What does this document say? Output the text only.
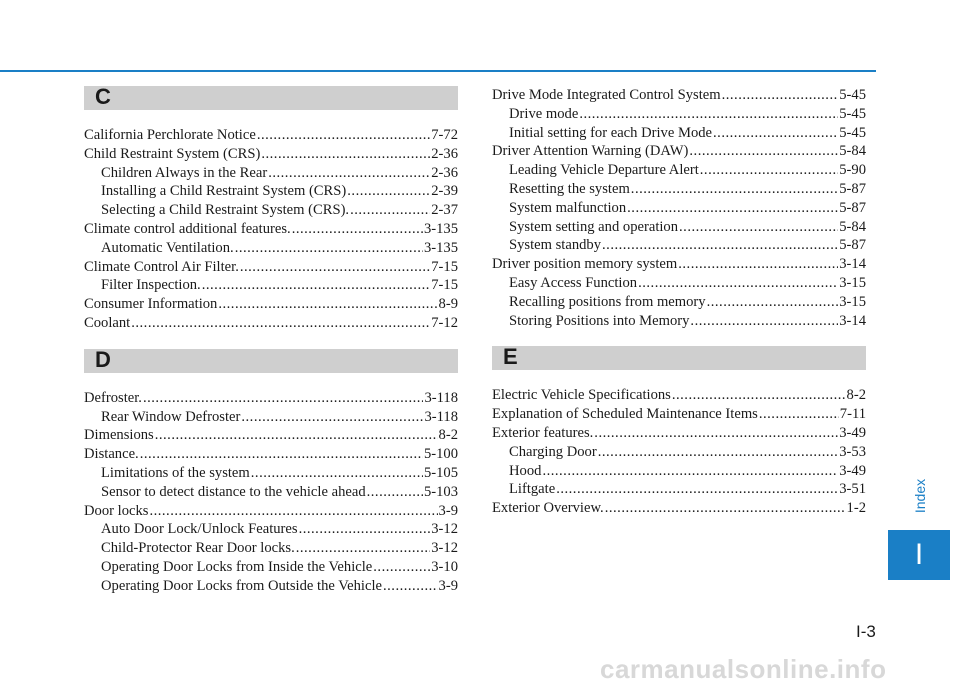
C
California Perchlorate Notice .....	7-72
Child Restraint System (CRS) .....	2-36
Children Always in the Rear .....	2-36
Installing a Child Restraint System (CRS) .....	2-39
Selecting a Child Restraint System (CRS). .....	2-37
Climate control additional features. .....	3-135
Automatic Ventilation. .....	3-135
Climate Control Air Filter. .....	7-15
Filter Inspection. .....	7-15
Consumer Information .....	8-9
Coolant .....	7-12
D
Defroster. .....	3-118
Rear Window Defroster .....	3-118
Dimensions .....	8-2
Distance. .....	5-100
Limitations of the system .....	5-105
Sensor to detect distance to the vehicle ahead .....	5-103
Door locks .....	3-9
Auto Door Lock/Unlock Features .....	3-12
Child-Protector Rear Door locks. .....	3-12
Operating Door Locks from Inside the Vehicle .....	3-10
Operating Door Locks from Outside the Vehicle .....	3-9
Drive Mode Integrated Control System .....	5-45
Drive mode .....	5-45
Initial setting for each Drive Mode .....	5-45
Driver Attention Warning (DAW) .....	5-84
Leading Vehicle Departure Alert .....	5-90
Resetting the system .....	5-87
System malfunction .....	5-87
System setting and operation .....	5-84
System standby .....	5-87
Driver position memory system .....	3-14
Easy Access Function .....	3-15
Recalling positions from memory .....	3-15
Storing Positions into Memory .....	3-14
E
Electric Vehicle Specifications .....	8-2
Explanation of Scheduled Maintenance Items .....	7-11
Exterior features. .....	3-49
Charging Door .....	3-53
Hood .....	3-49
Liftgate .....	3-51
Exterior Overview. .....	1-2	Index
I
I-3
carmanualsonline.info
